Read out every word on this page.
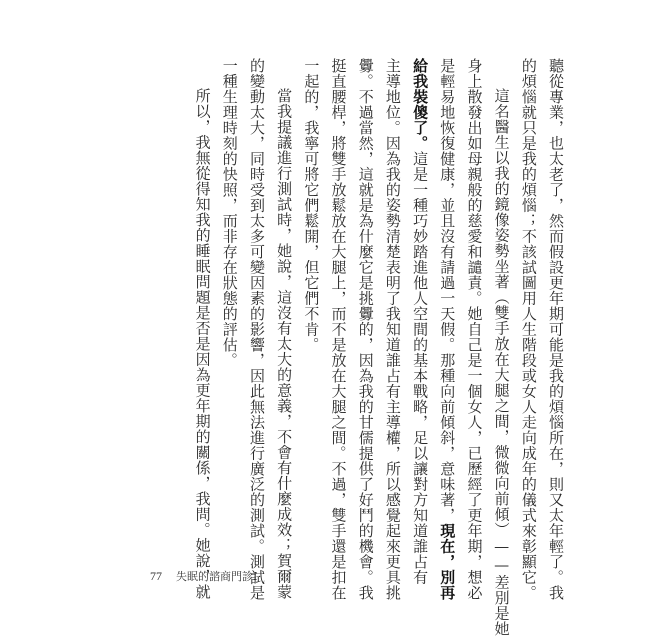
聽從專業，也太老了，然而假設更年期可能是我的煩惱所在，則又太年輕了。我
的煩惱就只是我的煩惱；不該試圖用人生階段或女人走向成年的儀式來彰顯它。
這名醫生以我的鏡像姿勢坐著（雙手放在大腿之間，微微向前傾）——差別是她
身上散發出如母親般的慈愛和譴責。她自己是一個女人，已歷經了更年期，想必
是輕易地恢復健康，並且沒有請過一天假。那種向前傾斜，意味著，現在，別再
給我裝傻了。這是一種巧妙踏進他人空間的基本戰略，足以讓對方知道誰占有
主導地位。因為我的姿勢清楚表明了我知道誰占有主導權，所以感覺起來更具挑
釁。不過當然，這就是為什麼它是挑釁的，因為我的甘儒提供了好鬥的機會。我
挺直腰桿，將雙手放鬆放在大腿上，而不是放在大腿之間。不過，雙手還是扣在
一起的，我寧可將它們鬆開，但它們不肯。
當我提議進行測試時，她說，這沒有太大的意義，不會有什麼成效；賀爾蒙
的變動太大，同時受到太多可變因素的影響，因此無法進行廣泛的測試。測試是
一種生理時刻的快照，而非存在狀態的評估。
所以，我無從得知我的睡眠問題是否是因為更年期的關係，我問。她說，就
77 失眠的諮商門診I
